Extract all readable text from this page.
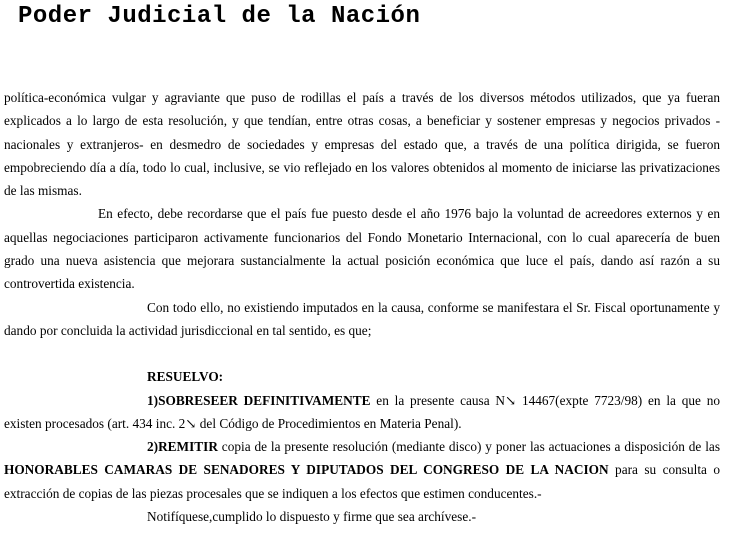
Poder Judicial de la Nación

política-económica vulgar y agraviante que puso de rodillas el país a través de los diversos métodos utilizados, que ya fueran explicados a lo largo de esta resolución, y que tendían, entre otras cosas, a beneficiar y sostener empresas y negocios privados -nacionales y extranjeros- en desmedro de sociedades y empresas del estado que, a través de una política dirigida, se fueron empobreciendo día a día, todo lo cual, inclusive, se vio reflejado en los valores obtenidos al momento de iniciarse las privatizaciones de las mismas.

En efecto, debe recordarse que el país fue puesto desde el año 1976 bajo la voluntad de acreedores externos y en aquellas negociaciones participaron activamente funcionarios del Fondo Monetario Internacional, con lo cual aparecería de buen grado una nueva asistencia que mejorara sustancialmente la actual posición económica que luce el país, dando así razón a su controvertida existencia.

Con todo ello, no existiendo imputados en la causa, conforme se manifestara el Sr. Fiscal oportunamente y dando por concluida la actividad jurisdiccional en tal sentido, es que;

RESUELVO:

1)SOBRESEER DEFINITIVAMENTE en la presente causa N↘ 14467(expte 7723/98) en la que no existen procesados (art. 434 inc. 2↘ del Código de Procedimientos en Materia Penal).

2)REMITIR copia de la presente resolución (mediante disco) y poner las actuaciones a disposición de las HONORABLES CAMARAS DE SENADORES Y DIPUTADOS DEL CONGRESO DE LA NACION para su consulta o extracción de copias de las piezas procesales que se indiquen a los efectos que estimen conducentes.-

Notifíquese,cumplido lo dispuesto y firme que sea archívese.-
